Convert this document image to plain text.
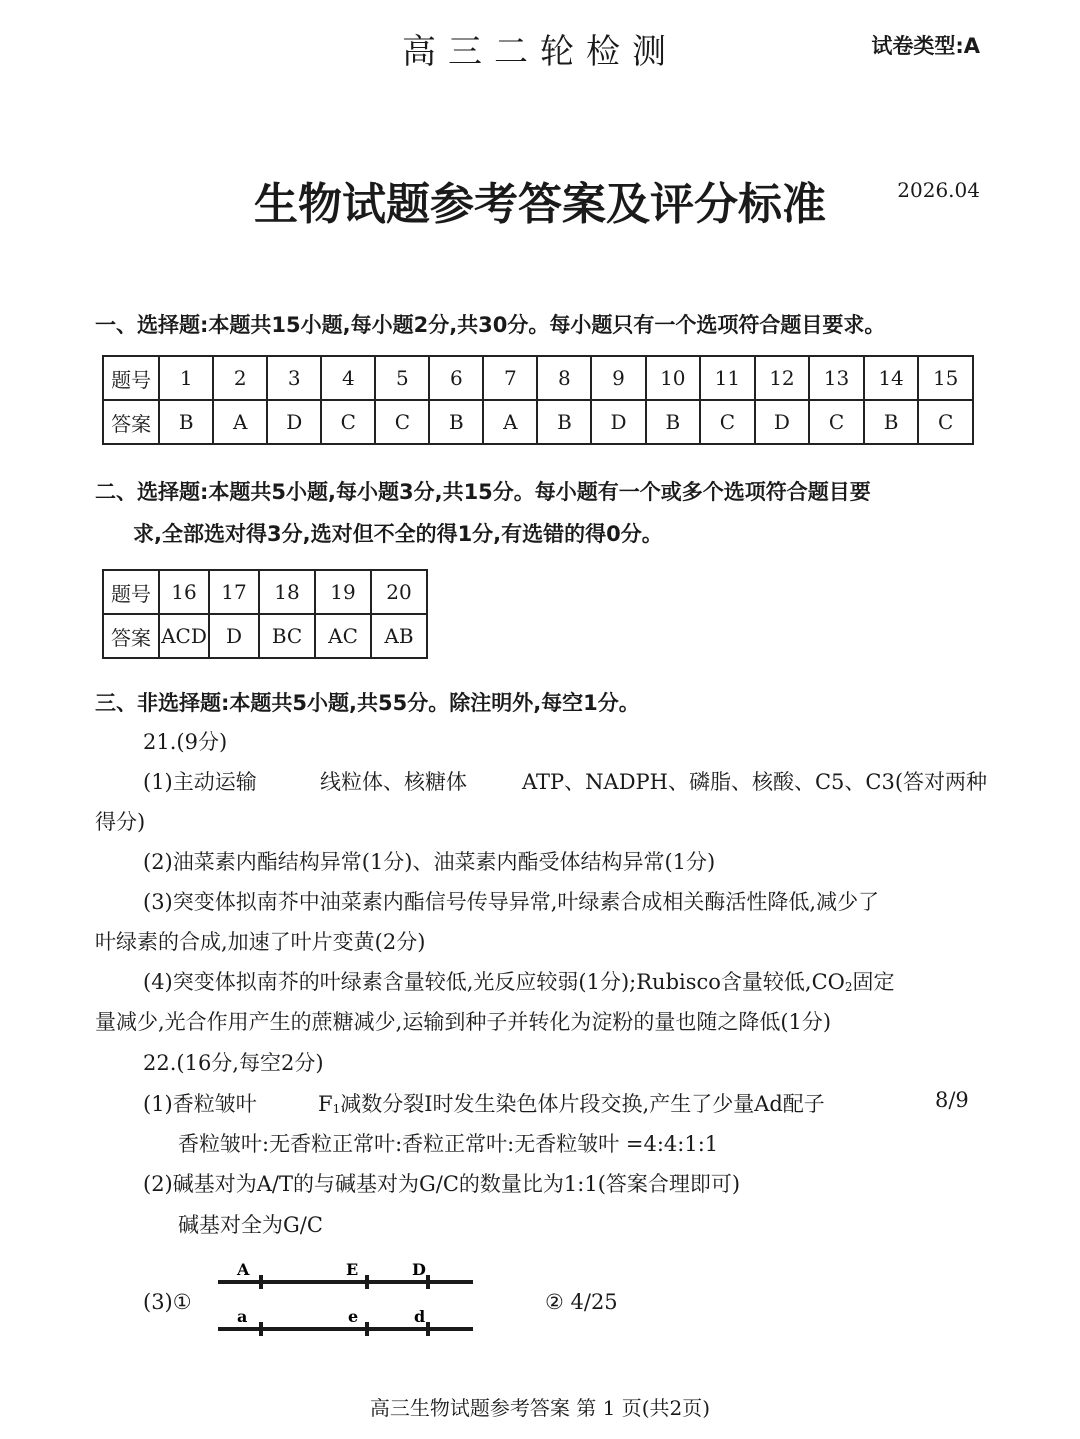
高三二轮检测	试卷类型:A
生物试题参考答案及评分标准	2026.04
一、选择题:本题共15小题,每小题2分,共30分。每小题只有一个选项符合题目要求。
题号	1	2	3	4	5	6	7	8	9	10	11	12	13	14	15
答案	B	A	D	C	C	B	A	B	D	B	C	D	C	B	C
二、选择题:本题共5小题,每小题3分,共15分。每小题有一个或多个选项符合题目要
求,全部选对得3分,选对但不全的得1分,有选错的得0分。
题号	16	17	18	19	20
答案	ACD	D	BC	AC	AB
三、非选择题:本题共5小题,共55分。除注明外,每空1分。
21.(9分)
(1)主动运输	线粒体、核糖体	ATP、NADPH、磷脂、核酸、C5、C3(答对两种
得分)
(2)油菜素内酯结构异常(1分)、油菜素内酯受体结构异常(1分)
(3)突变体拟南芥中油菜素内酯信号传导异常,叶绿素合成相关酶活性降低,减少了
叶绿素的合成,加速了叶片变黄(2分)
(4)突变体拟南芥的叶绿素含量较低,光反应较弱(1分);Rubisco含量较低,CO2固定
量减少,光合作用产生的蔗糖减少,运输到种子并转化为淀粉的量也随之降低(1分)
22.(16分,每空2分)
(1)香粒皱叶	F1减数分裂Ⅰ时发生染色体片段交换,产生了少量Ad配子	8/9
香粒皱叶:无香粒正常叶:香粒正常叶:无香粒皱叶 =4:4:1:1
(2)碱基对为A/T的与碱基对为G/C的数量比为1:1(答案合理即可)
碱基对全为G/C
(3)①
A	E	D
a	e	d
② 4/25
高三生物试题参考答案 第 1 页(共2页)
